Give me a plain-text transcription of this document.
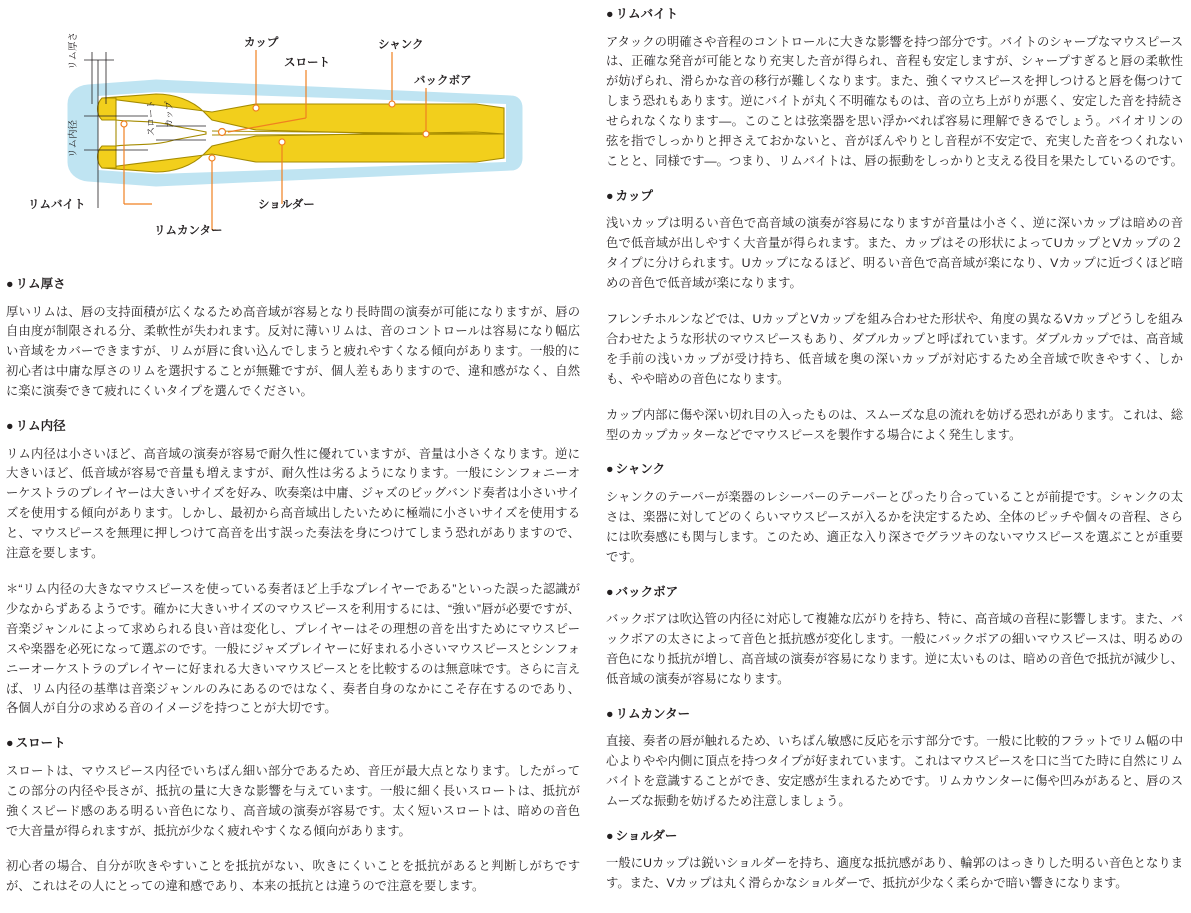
リム厚さ
リム内径
スロート カップ
カップ
スロート
シャンク
バックボア
リムバイト	ショルダー
リムカンター
● リム厚さ

厚いリムは、唇の支持面積が広くなるため高音域が容易となり長時間の演奏が可能になりますが、唇の自由度が制限される分、柔軟性が失われます。反対に薄いリムは、音のコントロールは容易になり幅広い音域をカバーできますが、リムが唇に食い込んでしまうと疲れやすくなる傾向があります。一般的に初心者は中庸な厚さのリムを選択することが無難ですが、個人差もありますので、違和感がなく、自然に楽に演奏できて疲れにくいタイプを選んでください。

● リム内径

リム内径は小さいほど、高音域の演奏が容易で耐久性に優れていますが、音量は小さくなります。逆に大きいほど、低音域が容易で音量も増えますが、耐久性は劣るようになります。一般にシンフォニーオーケストラのプレイヤーは大きいサイズを好み、吹奏楽は中庸、ジャズのビッグバンド奏者は小さいサイズを使用する傾向があります。しかし、最初から高音域出したいために極端に小さいサイズを使用すると、マウスピースを無理に押しつけて高音を出す誤った奏法を身につけてしまう恐れがありますので、注意を要します。

＊“リム内径の大きなマウスピースを使っている奏者ほど上手なプレイヤーである”といった誤った認識が少なからずあるようです。確かに大きいサイズのマウスピースを利用するには、“強い”唇が必要ですが、音楽ジャンルによって求められる良い音は変化し、プレイヤーはその理想の音を出すためにマウスピースや楽器を必死になって選ぶのです。一般にジャズプレイヤーに好まれる小さいマウスピースとシンフォニーオーケストラのプレイヤーに好まれる大きいマウスピースとを比較するのは無意味です。さらに言えば、リム内径の基準は音楽ジャンルのみにあるのではなく、奏者自身のなかにこそ存在するのであり、各個人が自分の求める音のイメージを持つことが大切です。

● スロート

スロートは、マウスピース内径でいちばん細い部分であるため、音圧が最大点となります。したがってこの部分の内径や長さが、抵抗の量に大きな影響を与えています。一般に細く長いスロートは、抵抗が強くスピード感のある明るい音色になり、高音域の演奏が容易です。太く短いスロートは、暗めの音色で大音量が得られますが、抵抗が少なく疲れやすくなる傾向があります。

初心者の場合、自分が吹きやすいことを抵抗がない、吹きにくいことを抵抗があると判断しがちですが、これはその人にとっての違和感であり、本来の抵抗とは違うので注意を要します。

● リムバイト

アタックの明確さや音程のコントロールに大きな影響を持つ部分です。バイトのシャープなマウスピースは、正確な発音が可能となり充実した音が得られ、音程も安定しますが、シャープすぎると唇の柔軟性が妨げられ、滑らかな音の移行が難しくなります。また、強くマウスピースを押しつけると唇を傷つけてしまう恐れもあります。逆にバイトが丸く不明確なものは、音の立ち上がりが悪く、安定した音を持続させられなくなります―。このことは弦楽器を思い浮かべれば容易に理解できるでしょう。バイオリンの弦を指でしっかりと押さえておかないと、音がぼんやりとし音程が不安定で、充実した音をつくれないことと、同様です―。つまり、リムバイトは、唇の振動をしっかりと支える役目を果たしているのです。

● カップ

浅いカップは明るい音色で高音域の演奏が容易になりますが音量は小さく、逆に深いカップは暗めの音色で低音域が出しやすく大音量が得られます。また、カップはその形状によってUカップとVカップの２タイプに分けられます。Uカップになるほど、明るい音色で高音域が楽になり、Vカップに近づくほど暗めの音色で低音域が楽になります。

フレンチホルンなどでは、UカップとVカップを組み合わせた形状や、角度の異なるVカップどうしを組み合わせたような形状のマウスピースもあり、ダブルカップと呼ばれています。ダブルカップでは、高音域を手前の浅いカップが受け持ち、低音域を奥の深いカップが対応するため全音域で吹きやすく、しかも、やや暗めの音色になります。

カップ内部に傷や深い切れ目の入ったものは、スムーズな息の流れを妨げる恐れがあります。これは、総型のカップカッターなどでマウスピースを製作する場合によく発生します。

● シャンク

シャンクのテーパーが楽器のレシーバーのテーパーとぴったり合っていることが前提です。シャンクの太さは、楽器に対してどのくらいマウスピースが入るかを決定するため、全体のピッチや個々の音程、さらには吹奏感にも関与します。このため、適正な入り深さでグラツキのないマウスピースを選ぶことが重要です。

● バックボア

バックボアは吹込管の内径に対応して複雑な広がりを持ち、特に、高音域の音程に影響します。また、バックボアの太さによって音色と抵抗感が変化します。一般にバックボアの細いマウスピースは、明るめの音色になり抵抗が増し、高音域の演奏が容易になります。逆に太いものは、暗めの音色で抵抗が減少し、低音域の演奏が容易になります。

● リムカンター

直接、奏者の唇が触れるため、いちばん敏感に反応を示す部分です。一般に比較的フラットでリム幅の中心よりやや内側に頂点を持つタイプが好まれています。これはマウスピースを口に当てた時に自然にリムバイトを意識することができ、安定感が生まれるためです。リムカウンターに傷や凹みがあると、唇のスムーズな振動を妨げるため注意しましょう。

● ショルダー

一般にUカップは鋭いショルダーを持ち、適度な抵抗感があり、輪郭のはっきりした明るい音色となります。また、Vカップは丸く滑らかなショルダーで、抵抗が少なく柔らかで暗い響きになります。
